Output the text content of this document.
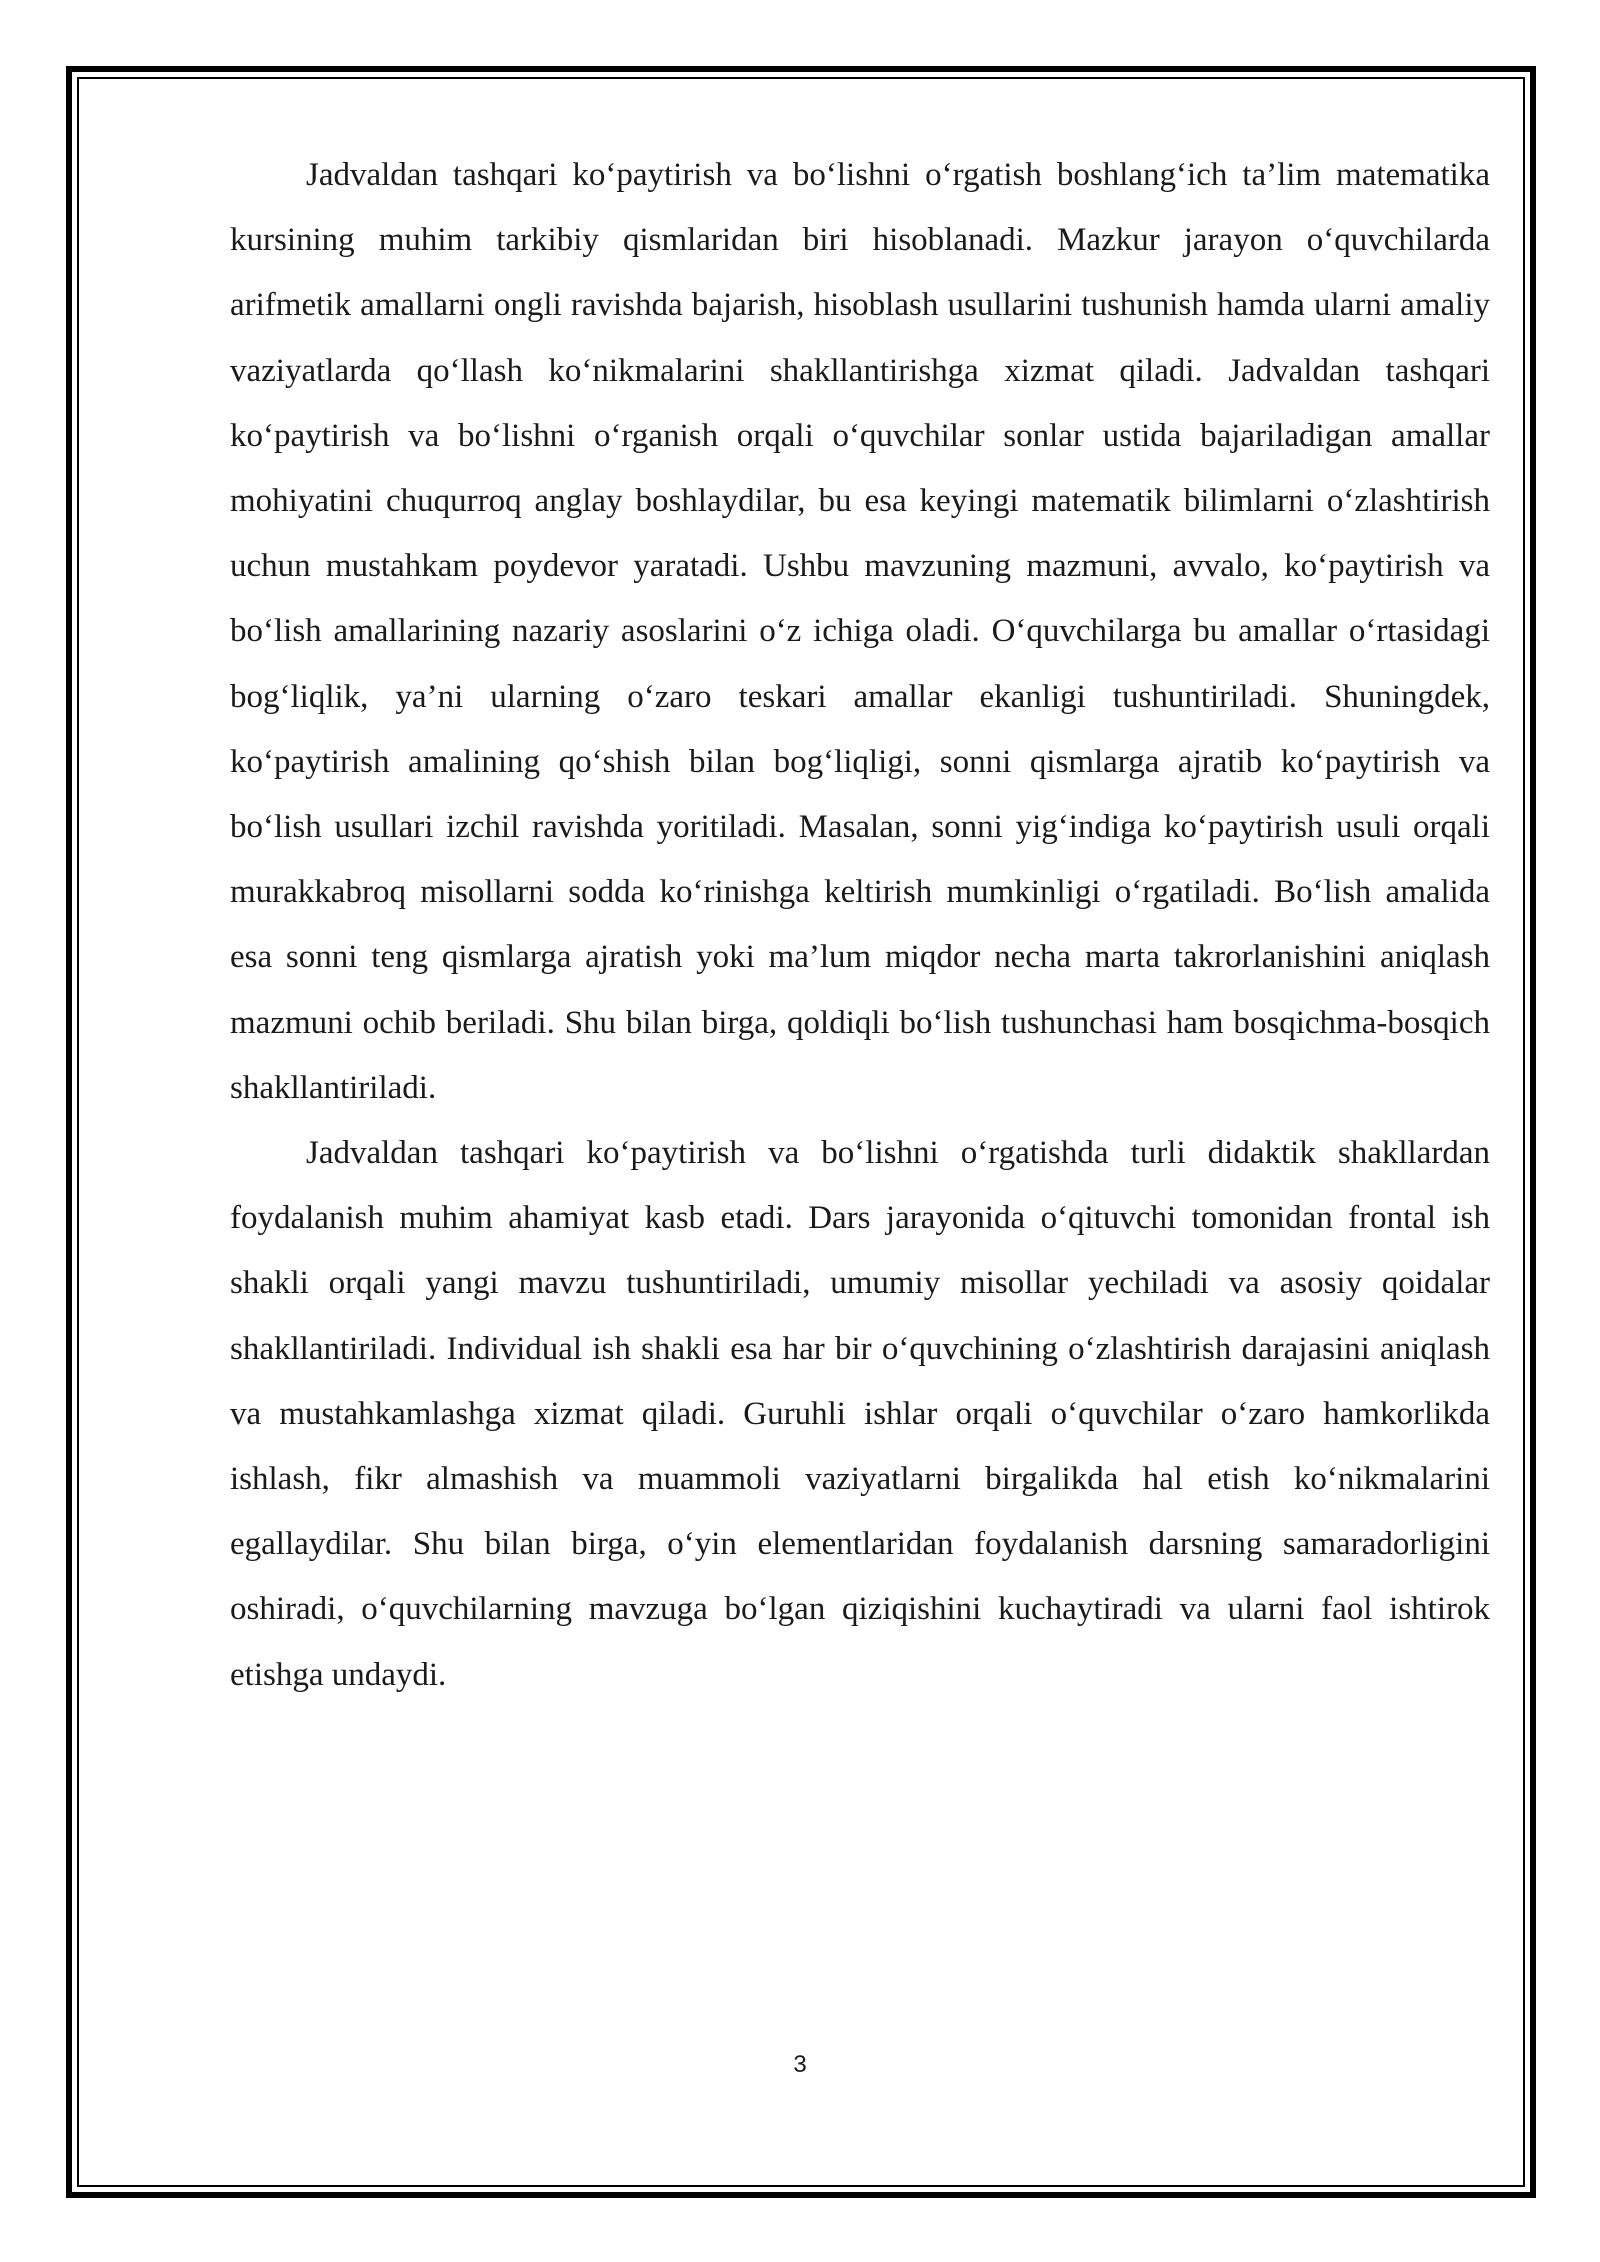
Jadvaldan tashqari ko‘paytirish va bo‘lishni o‘rgatish boshlang‘ich ta’lim matematika kursining muhim tarkibiy qismlaridan biri hisoblanadi. Mazkur jarayon o‘quvchilarda arifmetik amallarni ongli ravishda bajarish, hisoblash usullarini tushunish hamda ularni amaliy vaziyatlarda qo‘llash ko‘nikmalarini shakllantirishga xizmat qiladi. Jadvaldan tashqari ko‘paytirish va bo‘lishni o‘rganish orqali o‘quvchilar sonlar ustida bajariladigan amallar mohiyatini chuqurroq anglay boshlaydilar, bu esa keyingi matematik bilimlarni o‘zlashtirish uchun mustahkam poydevor yaratadi. Ushbu mavzuning mazmuni, avvalo, ko‘paytirish va bo‘lish amallarining nazariy asoslarini o‘z ichiga oladi. O‘quvchilarga bu amallar o‘rtasidagi bog‘liqlik, ya’ni ularning o‘zaro teskari amallar ekanligi tushuntiriladi. Shuningdek, ko‘paytirish amalining qo‘shish bilan bog‘liqligi, sonni qismlarga ajratib ko‘paytirish va bo‘lish usullari izchil ravishda yoritiladi. Masalan, sonni yig‘indiga ko‘paytirish usuli orqali murakkabroq misollarni sodda ko‘rinishga keltirish mumkinligi o‘rgatiladi. Bo‘lish amalida esa sonni teng qismlarga ajratish yoki ma’lum miqdor necha marta takrorlanishini aniqlash mazmuni ochib beriladi. Shu bilan birga, qoldiqli bo‘lish tushunchasi ham bosqichma-bosqich shakllantiriladi.

Jadvaldan tashqari ko‘paytirish va bo‘lishni o‘rgatishda turli didaktik shakllardan foydalanish muhim ahamiyat kasb etadi. Dars jarayonida o‘qituvchi tomonidan frontal ish shakli orqali yangi mavzu tushuntiriladi, umumiy misollar yechiladi va asosiy qoidalar shakllantiriladi. Individual ish shakli esa har bir o‘quvchining o‘zlashtirish darajasini aniqlash va mustahkamlashga xizmat qiladi. Guruhli ishlar orqali o‘quvchilar o‘zaro hamkorlikda ishlash, fikr almashish va muammoli vaziyatlarni birgalikda hal etish ko‘nikmalarini egallaydilar. Shu bilan birga, o‘yin elementlaridan foydalanish darsning samaradorligini oshiradi, o‘quvchilarning mavzuga bo‘lgan qiziqishini kuchaytiradi va ularni faol ishtirok etishga undaydi.

3
